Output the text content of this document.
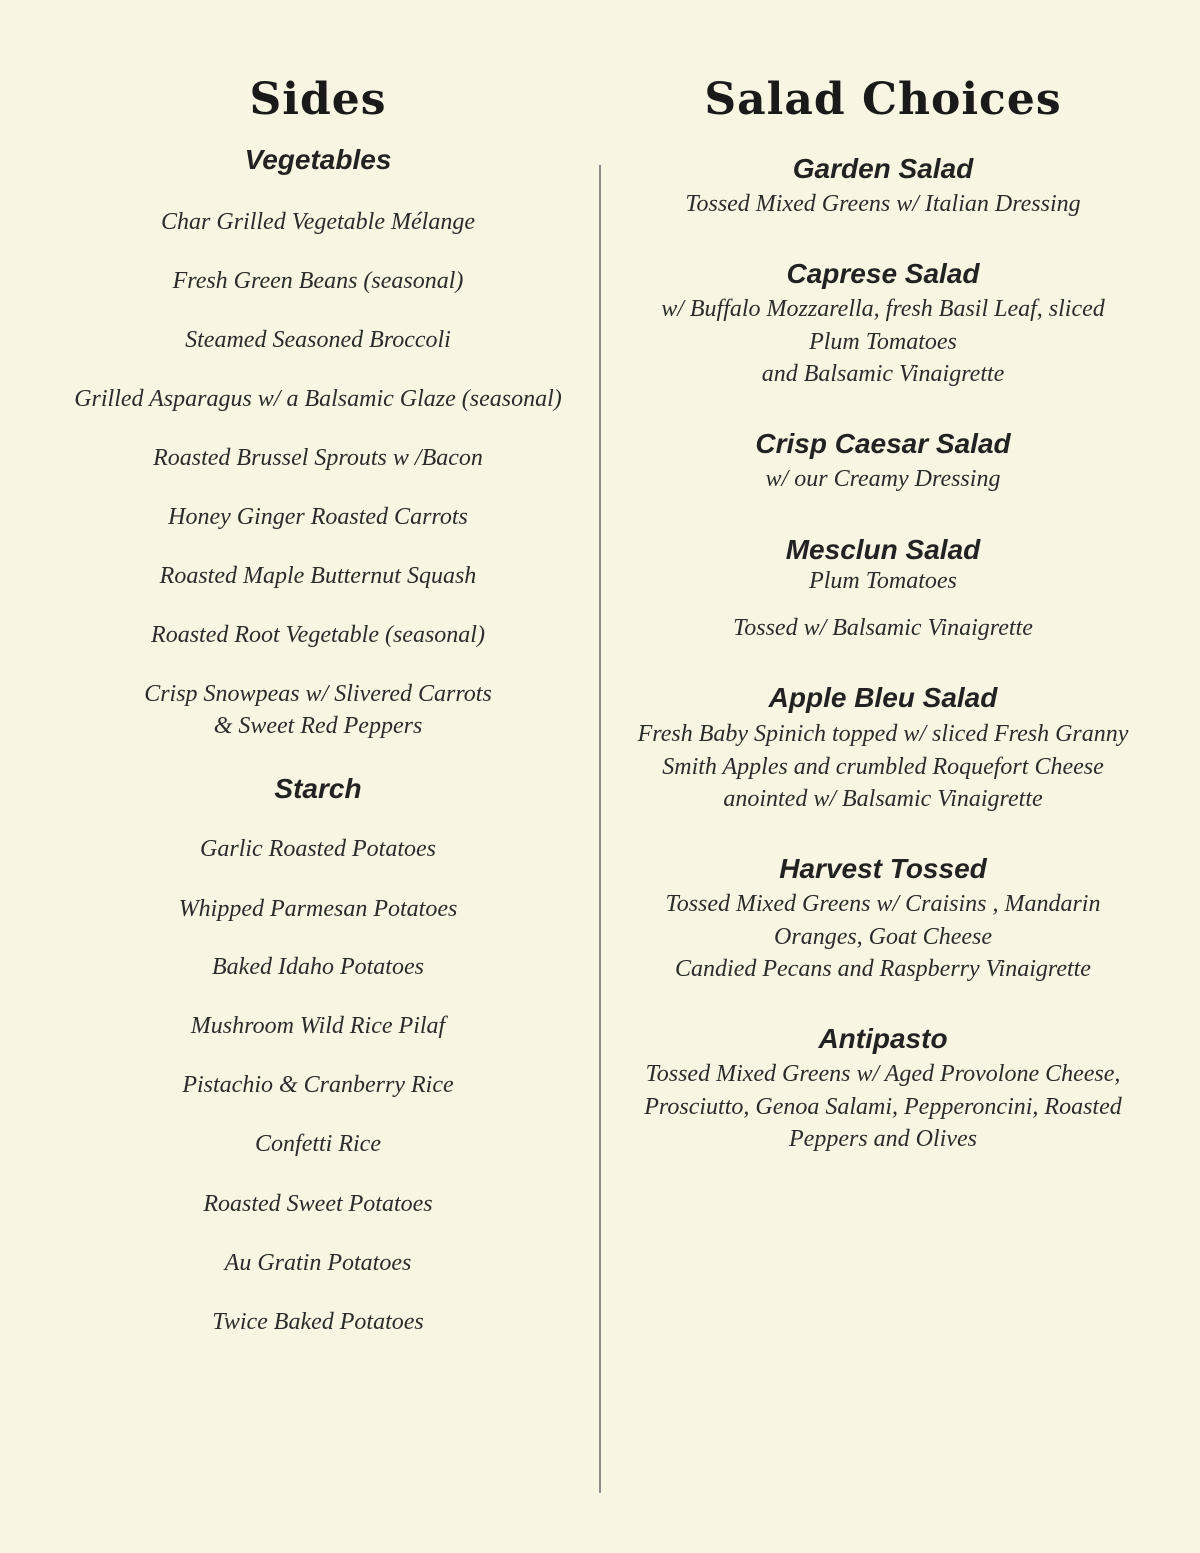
Sides
Vegetables

Char Grilled Vegetable Mélange

Fresh Green Beans (seasonal)

Steamed Seasoned Broccoli

Grilled Asparagus w/ a Balsamic Glaze (seasonal)

Roasted Brussel Sprouts w /Bacon

Honey Ginger Roasted Carrots

Roasted Maple Butternut Squash

Roasted Root Vegetable (seasonal)

Crisp Snowpeas w/ Slivered Carrots

& Sweet Red Peppers

Starch

Garlic Roasted Potatoes

Whipped Parmesan Potatoes

Baked Idaho Potatoes

Mushroom Wild Rice Pilaf

Pistachio & Cranberry Rice

Confetti Rice

Roasted Sweet Potatoes

Au Gratin Potatoes

Twice Baked Potatoes

Salad Choices
Garden Salad
Tossed Mixed Greens w/ Italian Dressing
Caprese Salad
w/ Buffalo Mozzarella, fresh Basil Leaf, sliced
Plum Tomatoes
and Balsamic Vinaigrette
Crisp Caesar Salad
w/ our Creamy Dressing
Mesclun Salad
Plum Tomatoes
Tossed w/ Balsamic Vinaigrette
Apple Bleu Salad
Fresh Baby Spinich topped w/ sliced Fresh Granny
Smith Apples and crumbled Roquefort Cheese
anointed w/ Balsamic Vinaigrette
Harvest Tossed
Tossed Mixed Greens w/ Craisins , Mandarin
Oranges, Goat Cheese
Candied Pecans and Raspberry Vinaigrette
Antipasto
Tossed Mixed Greens w/ Aged Provolone Cheese,
Prosciutto, Genoa Salami, Pepperoncini, Roasted
Peppers and Olives
